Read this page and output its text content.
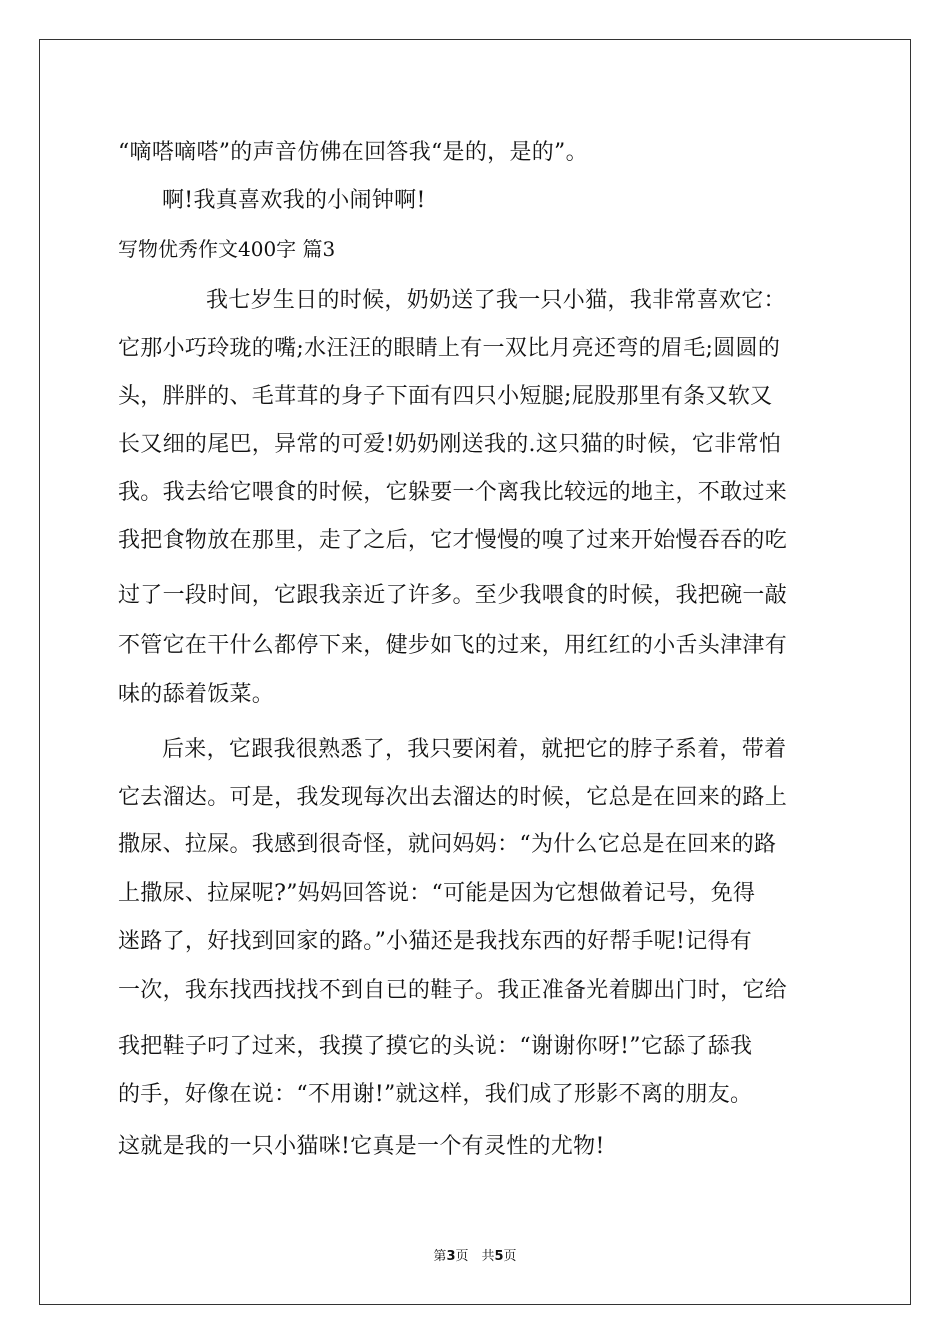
“嘀嗒嘀嗒”的声音仿佛在回答我“是的，是的”。
啊!我真喜欢我的小闹钟啊!
写物优秀作文400字 篇3
我七岁生日的时候，奶奶送了我一只小猫，我非常喜欢它：
它那小巧玲珑的嘴;水汪汪的眼睛上有一双比月亮还弯的眉毛;圆圆的
头，胖胖的、毛茸茸的身子下面有四只小短腿;屁股那里有条又软又
长又细的尾巴，异常的可爱!奶奶刚送我的.这只猫的时候，它非常怕
我。我去给它喂食的时候，它躲要一个离我比较远的地主，不敢过来
我把食物放在那里，走了之后，它才慢慢的嗅了过来开始慢吞吞的吃
过了一段时间，它跟我亲近了许多。至少我喂食的时候，我把碗一敲
不管它在干什么都停下来，健步如飞的过来，用红红的小舌头津津有
味的舔着饭菜。
后来，它跟我很熟悉了，我只要闲着，就把它的脖子系着，带着
它去溜达。可是，我发现每次出去溜达的时候，它总是在回来的路上
撒尿、拉屎。我感到很奇怪，就问妈妈：“为什么它总是在回来的路
上撒尿、拉屎呢?”妈妈回答说：“可能是因为它想做着记号，免得
迷路了，好找到回家的路。”小猫还是我找东西的好帮手呢!记得有
一次，我东找西找找不到自已的鞋子。我正准备光着脚出门时，它给
我把鞋子叼了过来，我摸了摸它的头说：“谢谢你呀!”它舔了舔我
的手，好像在说：“不用谢!”就这样，我们成了形影不离的朋友。
这就是我的一只小猫咪!它真是一个有灵性的尤物!
第3页　共5页
